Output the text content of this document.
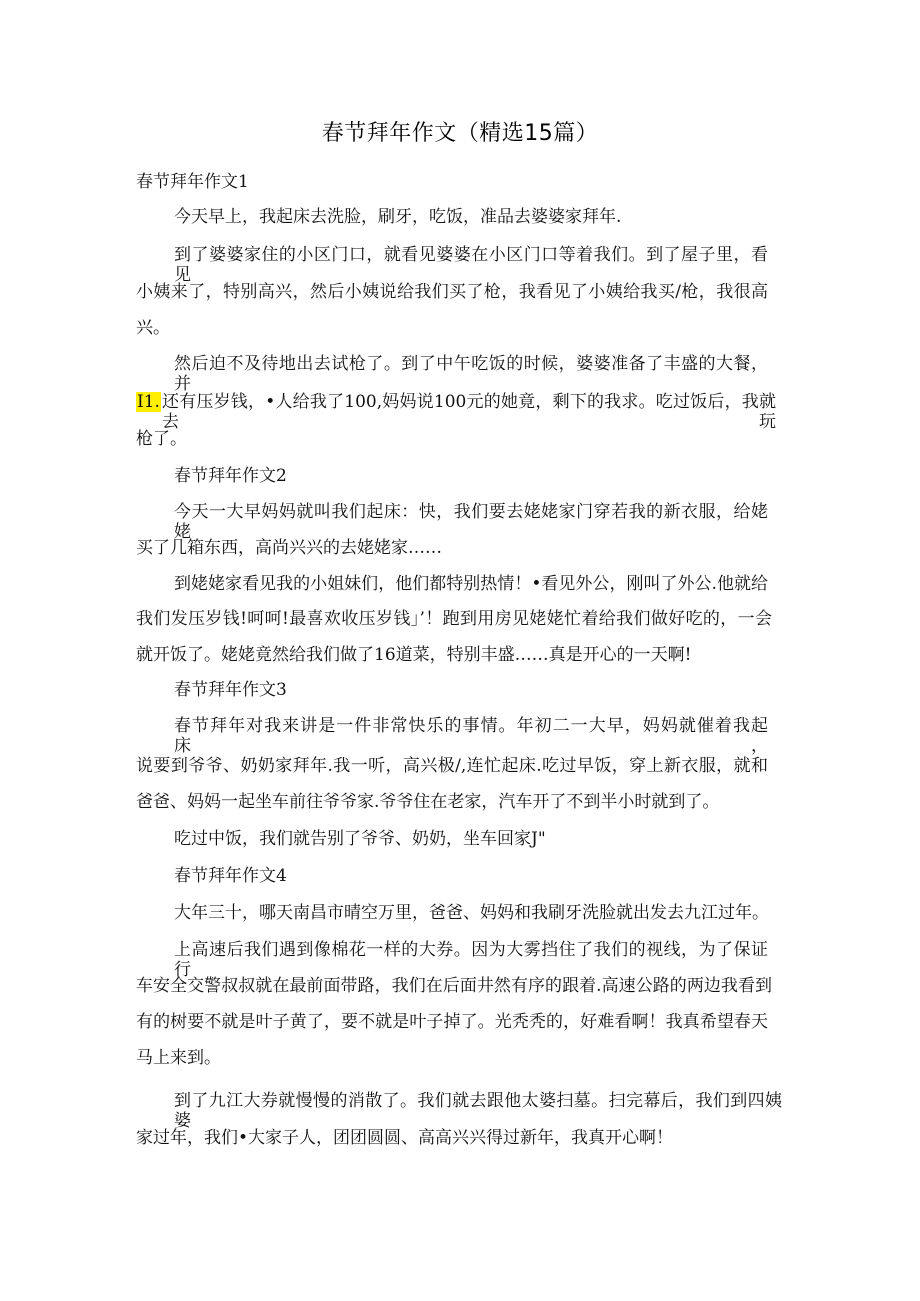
春节拜年作文（精选15篇）
春节拜年作文1
今天早上，我起床去洗脸，刷牙，吃饭，准品去婆婆家拜年.
到了婆婆家住的小区门口，就看见婆婆在小区门口等着我们。到了屋子里，看见
小姨来了，特别高兴，然后小姨说给我们买了枪，我看见了小姨给我买/枪，我很高
兴。
然后迫不及待地出去试枪了。到了中午吃饭的时候，婆婆准备了丰盛的大餐，并
I1. 还有压岁钱，•人给我了100,妈妈说100元的她竟，剩下的我求。吃过饭后，我就去玩
枪了。
春节拜年作文2
今天一大早妈妈就叫我们起床：快，我们要去姥姥家门穿若我的新衣服，给姥姥
买了几箱东西，高尚兴兴的去姥姥家……
到姥姥家看见我的小姐妹们，他们都特别热情！•看见外公，刚叫了外公.他就给
我们发压岁钱!呵呵!最喜欢收压岁钱」’！跑到用房见姥姥忙着给我们做好吃的，一会
就开饭了。姥姥竟然给我们做了16道菜，特别丰盛……真是开心的一天啊!
春节拜年作文3
春节拜年对我来讲是一件非常快乐的事情。年初二一大早，妈妈就催着我起床，
说要到爷爷、奶奶家拜年.我一听，高兴极/,连忙起床.吃过早饭，穿上新衣服，就和
爸爸、妈妈一起坐车前往爷爷家.爷爷住在老家，汽车开了不到半小时就到了。
吃过中饭，我们就告别了爷爷、奶奶，坐车回家J"
春节拜年作文4
大年三十，哪天南昌市晴空万里，爸爸、妈妈和我刷牙洗脸就出发去九江过年。
上高速后我们遇到像棉花一样的大券。因为大雾挡住了我们的视线，为了保证行
车安全交警叔叔就在最前面带路，我们在后面井然有序的跟着.高速公路的两边我看到
有的树要不就是叶子黄了，要不就是叶子掉了。光秃秃的，好难看啊！我真希望春天
马上来到。
到了九江大券就慢慢的消散了。我们就去跟他太婆扫墓。扫完幕后，我们到四姨婆
家过年，我们•大家子人，团团圆圆、高高兴兴得过新年，我真开心啊！
